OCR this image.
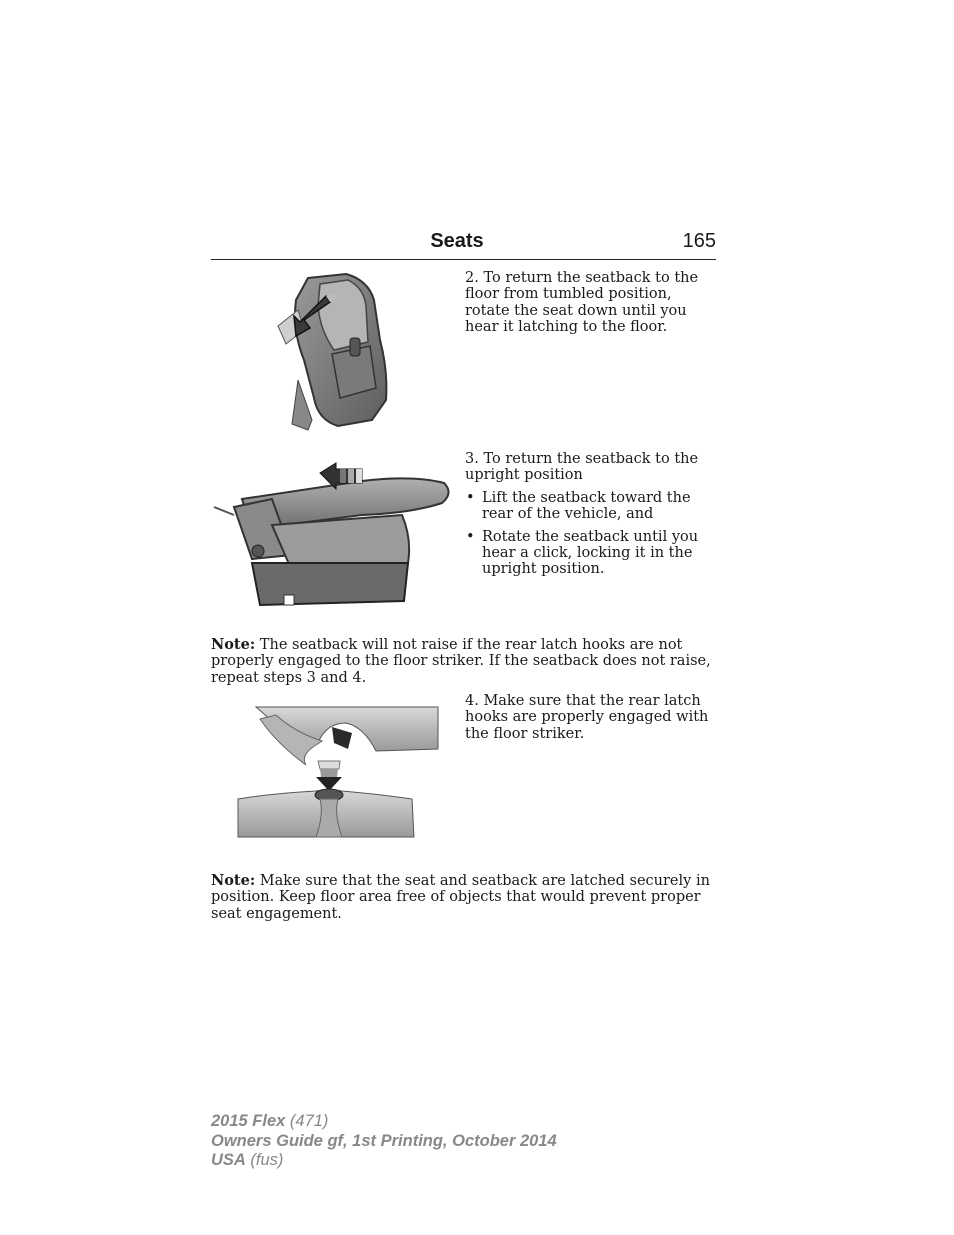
Seats	165
2. To return the seatback to the floor from tumbled position, rotate the seat down until you hear it latching to the floor.
3. To return the seatback to the upright position
• Lift the seatback toward the rear of the vehicle, and
• Rotate the seatback until you hear a click, locking it in the upright position.
Note: The seatback will not raise if the rear latch hooks are not properly engaged to the floor striker. If the seatback does not raise, repeat steps 3 and 4.
4. Make sure that the rear latch hooks are properly engaged with the floor striker.
Note: Make sure that the seat and seatback are latched securely in position. Keep floor area free of objects that would prevent proper seat engagement.
2015 Flex (471)
Owners Guide gf, 1st Printing, October 2014
USA (fus)
